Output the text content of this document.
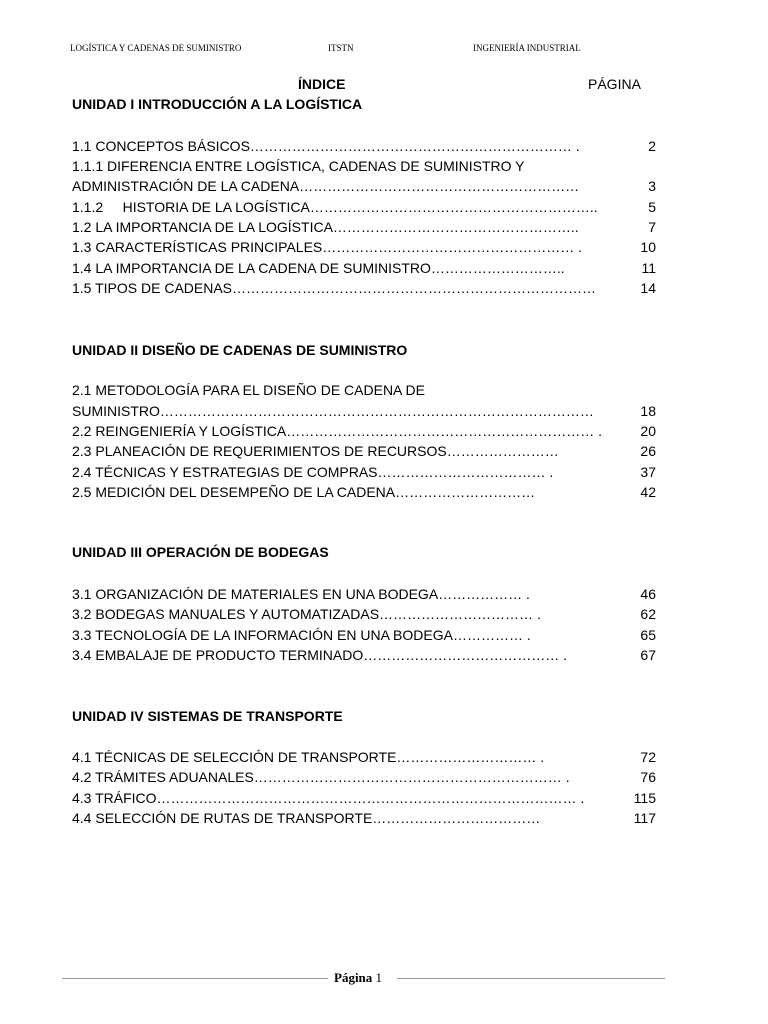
LOGÍSTICA Y CADENAS DE SUMINISTRO	ITSTN	INGENIERÍA INDUSTRIAL
ÍNDICE	PÁGINA
UNIDAD I INTRODUCCIÓN A LA LOGÍSTICA
1.1 CONCEPTOS BÁSICOS…………………………………………………………… .	2
1.1.1 DIFERENCIA ENTRE LOGÍSTICA, CADENAS DE SUMINISTRO Y
ADMINISTRACIÓN DE LA CADENA……………………………………………………	3
1.1.2     HISTORIA DE LA LOGÍSTICA……………………………………………………..	5
1.2 LA IMPORTANCIA DE LA LOGÍSTICA……………………………………………..	7
1.3 CARACTERÍSTICAS PRINCIPALES……………………………………………… .	10
1.4 LA IMPORTANCIA DE LA CADENA DE SUMINISTRO………………………..	11
1.5 TIPOS DE CADENAS……………………………………………………………………	14
UNIDAD II DISEÑO DE CADENAS DE SUMINISTRO
2.1 METODOLOGÍA PARA EL DISEÑO DE CADENA DE
SUMINISTRO…………………………………………………………………………………	18
2.2 REINGENIERÍA Y LOGÍSTICA………………………………………………………… .	20
2.3 PLANEACIÓN DE REQUERIMIENTOS DE RECURSOS……………………	26
2.4 TÉCNICAS Y ESTRATEGIAS DE COMPRAS……………………………… .	37
2.5 MEDICIÓN DEL DESEMPEÑO DE LA CADENA…………………………	42
UNIDAD III OPERACIÓN DE BODEGAS
3.1 ORGANIZACIÓN DE MATERIALES EN UNA BODEGA……………… .	46
3.2 BODEGAS MANUALES Y AUTOMATIZADAS…………………………… .	62
3.3 TECNOLOGÍA DE LA INFORMACIÓN EN UNA BODEGA…………… .	65
3.4 EMBALAJE DE PRODUCTO TERMINADO…………………………………… .	67
UNIDAD IV SISTEMAS DE TRANSPORTE
4.1 TÉCNICAS DE SELECCIÓN DE TRANSPORTE………………………… .	72
4.2 TRÁMITES ADUANALES………………………………………………………… .	76
4.3 TRÁFICO……………………………………………………………………………… .	115
4.4 SELECCIÓN DE RUTAS DE TRANSPORTE………………………………	117
Página 1
